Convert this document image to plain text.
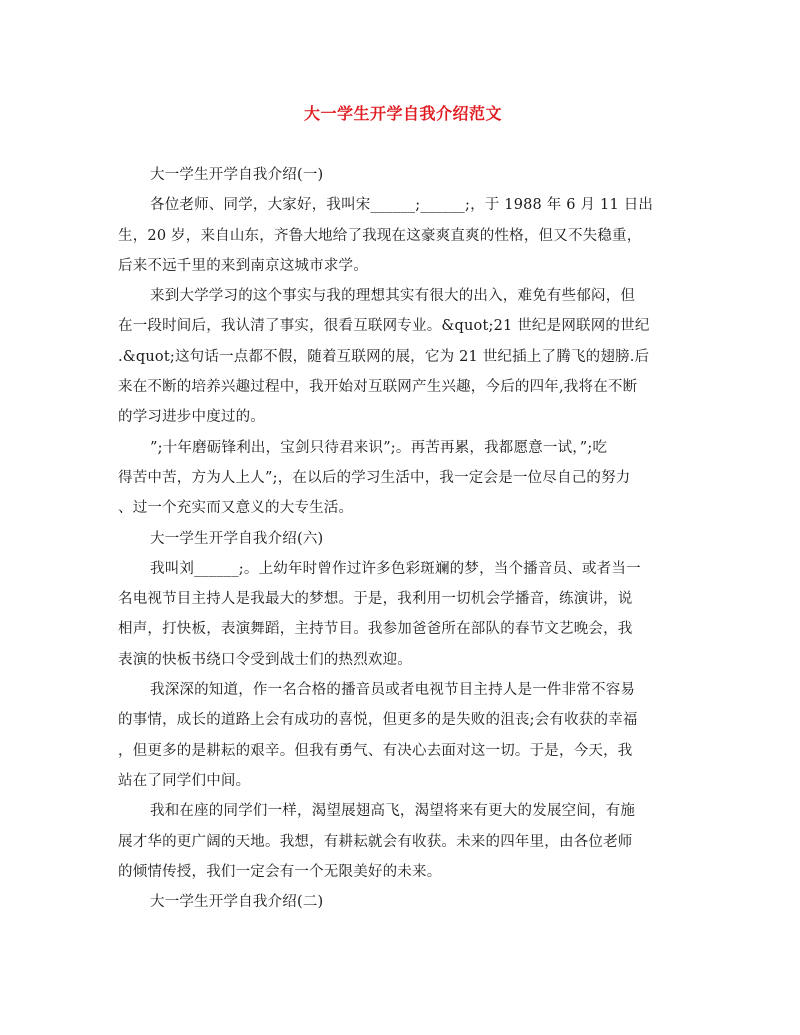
大一学生开学自我介绍范文

大一学生开学自我介绍(一)

各位老师、同学，大家好，我叫宋______;______;，于 1988 年 6 月 11 日出
生，20 岁，来自山东，齐鲁大地给了我现在这豪爽直爽的性格，但又不失稳重，
后来不远千里的来到南京这城市求学。

来到大学学习的这个事实与我的理想其实有很大的出入，难免有些郁闷，但
在一段时间后，我认清了事实，很看互联网专业。&quot;21 世纪是网联网的世纪
.&quot;这句话一点都不假，随着互联网的展，它为 21 世纪插上了腾飞的翅膀.后
来在不断的培养兴趣过程中，我开始对互联网产生兴趣，今后的四年,我将在不断
的学习进步中度过的。

”;十年磨砺锋利出，宝剑只待君来识”;。再苦再累，我都愿意一试，”;吃
得苦中苦，方为人上人”;，在以后的学习生活中，我一定会是一位尽自己的努力
、过一个充实而又意义的大专生活。

大一学生开学自我介绍(六)

我叫刘______;。上幼年时曾作过许多色彩斑斓的梦，当个播音员、或者当一
名电视节目主持人是我最大的梦想。于是，我利用一切机会学播音，练演讲，说
相声，打快板，表演舞蹈，主持节目。我参加爸爸所在部队的春节文艺晚会，我
表演的快板书绕口令受到战士们的热烈欢迎。

我深深的知道，作一名合格的播音员或者电视节目主持人是一件非常不容易
的事情，成长的道路上会有成功的喜悦，但更多的是失败的沮丧;会有收获的幸福
，但更多的是耕耘的艰辛。但我有勇气、有决心去面对这一切。于是，今天，我
站在了同学们中间。

我和在座的同学们一样，渴望展翅高飞，渴望将来有更大的发展空间，有施
展才华的更广阔的天地。我想，有耕耘就会有收获。未来的四年里，由各位老师
的倾情传授，我们一定会有一个无限美好的未来。

大一学生开学自我介绍(二)
